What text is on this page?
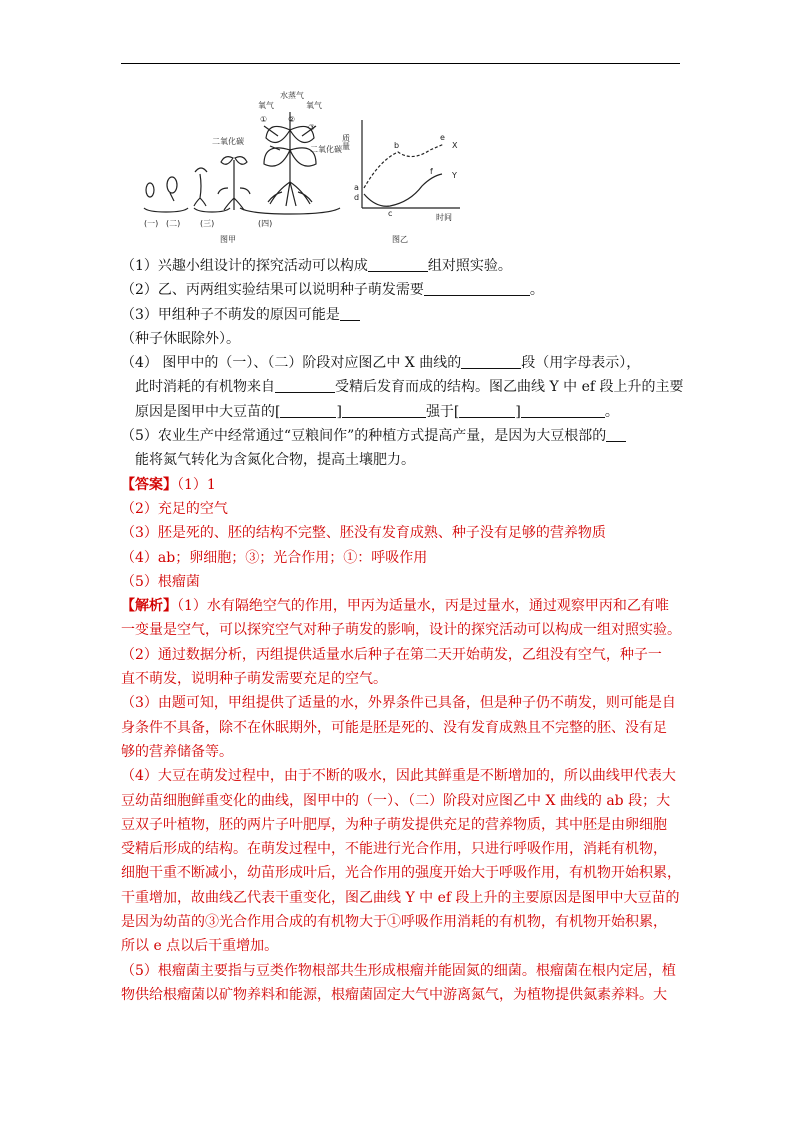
水蒸气
氧气	氧气
①	②
③
二氧化碳
二氧化碳
(一) (二) (三)	(四)
图甲
质量
时间
X
Y
a
d
b
c
e
f
图乙
（1）兴趣小组设计的探究活动可以构成	组对照实验。
（2）乙、丙两组实验结果可以说明种子萌发需要	。
（3）甲组种子不萌发的原因可能是
（种子休眠除外）。
（4） 图甲中的（一）、（二）阶段对应图乙中 X 曲线的	段（用字母表示），
此时消耗的有机物来自	受精后发育而成的结构。图乙曲线 Y 中 ef 段上升的主要
原因是图甲中大豆苗的[	]	强于[	]	。
（5）农业生产中经常通过“豆粮间作”的种植方式提高产量，是因为大豆根部的
能将氮气转化为含氮化合物，提高土壤肥力。
【答案】（1）1
（2）充足的空气
（3）胚是死的、胚的结构不完整、胚没有发育成熟、种子没有足够的营养物质
（4）ab；卵细胞；③；光合作用；①：呼吸作用
（5）根瘤菌
【解析】（1）水有隔绝空气的作用，甲丙为适量水，丙是过量水，通过观察甲丙和乙有唯
一变量是空气，可以探究空气对种子萌发的影响，设计的探究活动可以构成一组对照实验。
（2）通过数据分析，丙组提供适量水后种子在第二天开始萌发，乙组没有空气，种子一
直不萌发，说明种子萌发需要充足的空气。
（3）由题可知，甲组提供了适量的水，外界条件已具备，但是种子仍不萌发，则可能是自
身条件不具备，除不在休眠期外，可能是胚是死的、没有发育成熟且不完整的胚、没有足
够的营养储备等。
（4）大豆在萌发过程中，由于不断的吸水，因此其鲜重是不断增加的，所以曲线甲代表大
豆幼苗细胞鲜重变化的曲线，图甲中的（一）、（二）阶段对应图乙中 X 曲线的 ab 段；大
豆双子叶植物，胚的两片子叶肥厚，为种子萌发提供充足的营养物质，其中胚是由卵细胞
受精后形成的结构。在萌发过程中，不能进行光合作用，只进行呼吸作用，消耗有机物，
细胞干重不断减小，幼苗形成叶后，光合作用的强度开始大于呼吸作用，有机物开始积累，
干重增加，故曲线乙代表干重变化，图乙曲线 Y 中 ef 段上升的主要原因是图甲中大豆苗的
是因为幼苗的③光合作用合成的有机物大于①呼吸作用消耗的有机物，有机物开始积累，
所以 e 点以后干重增加。
（5）根瘤菌主要指与豆类作物根部共生形成根瘤并能固氮的细菌。根瘤菌在根内定居，植
物供给根瘤菌以矿物养料和能源，根瘤菌固定大气中游离氮气，为植物提供氮素养料。大
